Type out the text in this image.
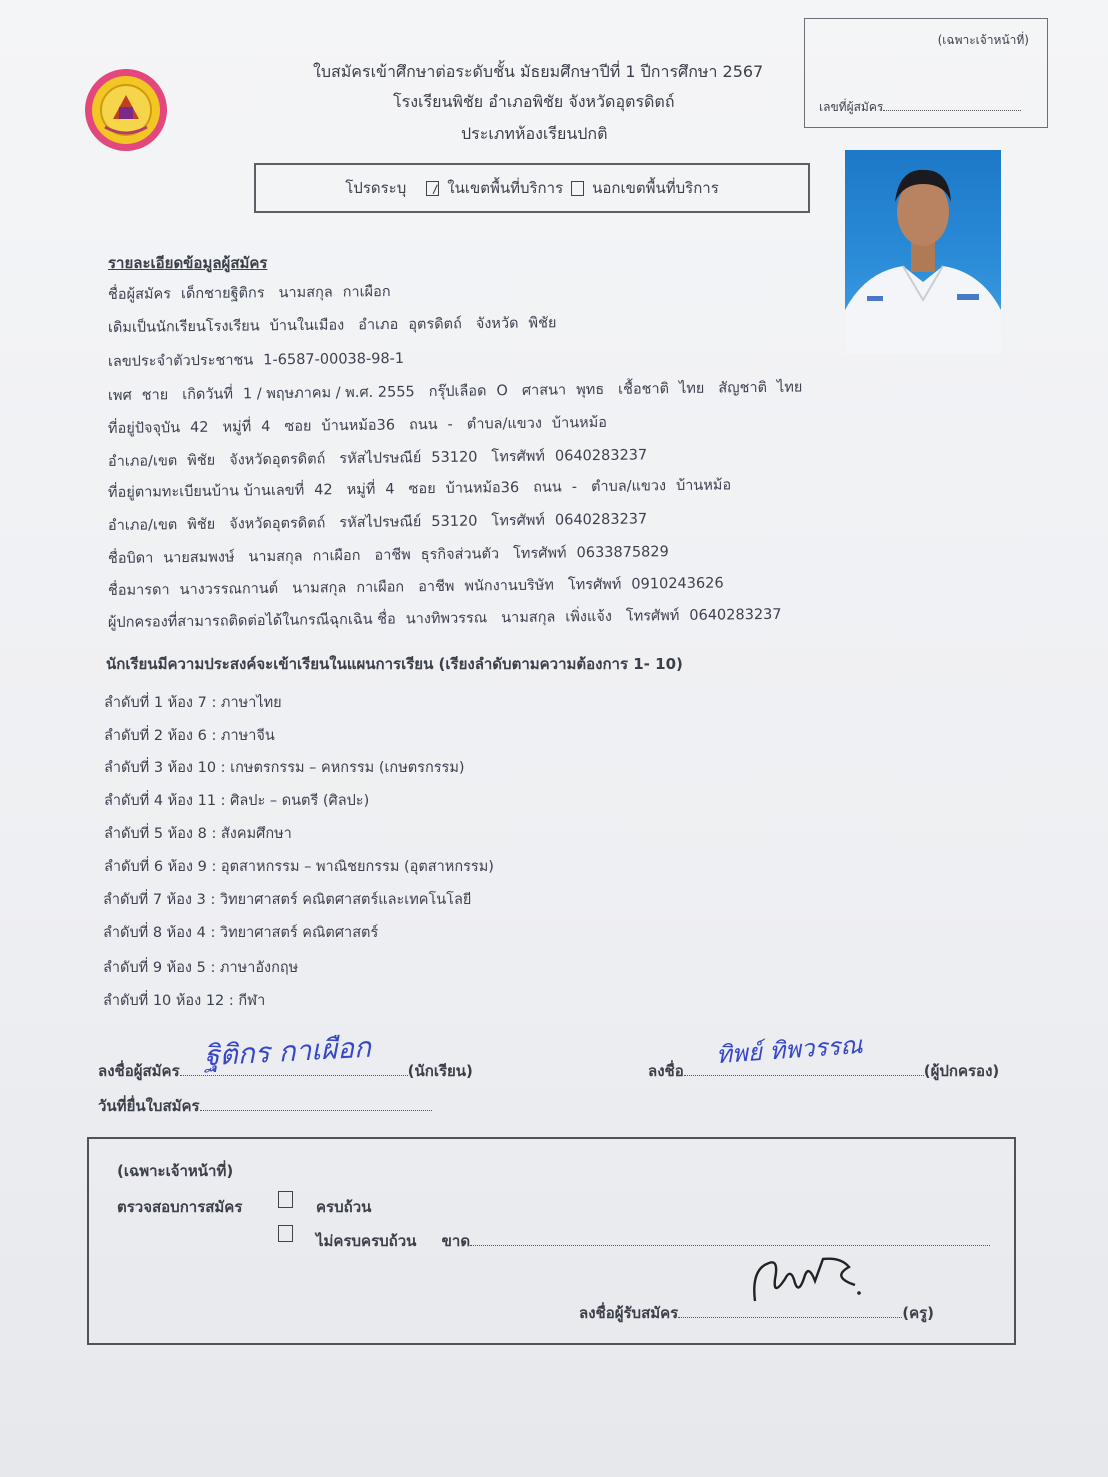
ใบสมัครเข้าศึกษาต่อระดับชั้น มัธยมศึกษาปีที่ 1 ปีการศึกษา 2567
โรงเรียนพิชัย อำเภอพิชัย จังหวัดอุตรดิตถ์
ประเภทห้องเรียนปกติ
(เฉพาะเจ้าหน้าที่)
เลขที่ผู้สมัคร
โปรดระบุ	ในเขตพื้นที่บริการ นอกเขตพื้นที่บริการ
รายละเอียดข้อมูลผู้สมัคร
ชื่อผู้สมัคร เด็กชายฐิติกร นามสกุล กาเผือก
เดิมเป็นนักเรียนโรงเรียน บ้านในเมือง อำเภอ อุตรดิตถ์ จังหวัด พิชัย
เลขประจำตัวประชาชน 1-6587-00038-98-1
เพศ ชาย เกิดวันที่ 1 / พฤษภาคม / พ.ศ. 2555 กรุ๊ปเลือด O ศาสนา พุทธ เชื้อชาติ ไทย สัญชาติ ไทย
ที่อยู่ปัจจุบัน 42 หมู่ที่ 4 ซอย บ้านหม้อ36 ถนน - ตำบล/แขวง บ้านหม้อ
อำเภอ/เขต พิชัย จังหวัดอุตรดิตถ์ รหัสไปรษณีย์ 53120 โทรศัพท์ 0640283237
ที่อยู่ตามทะเบียนบ้าน บ้านเลขที่ 42 หมู่ที่ 4 ซอย บ้านหม้อ36 ถนน - ตำบล/แขวง บ้านหม้อ
อำเภอ/เขต พิชัย จังหวัดอุตรดิตถ์ รหัสไปรษณีย์ 53120 โทรศัพท์ 0640283237
ชื่อบิดา นายสมพงษ์ นามสกุล กาเผือก อาชีพ ธุรกิจส่วนตัว โทรศัพท์ 0633875829
ชื่อมารดา นางวรรณกานต์ นามสกุล กาเผือก อาชีพ พนักงานบริษัท โทรศัพท์ 0910243626
ผู้ปกครองที่สามารถติดต่อได้ในกรณีฉุกเฉิน ชื่อ นางทิพวรรณ นามสกุล เพิ่งแจ้ง โทรศัพท์ 0640283237
นักเรียนมีความประสงค์จะเข้าเรียนในแผนการเรียน (เรียงลำดับตามความต้องการ 1- 10)
ลำดับที่ 1 ห้อง 7 : ภาษาไทย
ลำดับที่ 2 ห้อง 6 : ภาษาจีน
ลำดับที่ 3 ห้อง 10 : เกษตรกรรม – คหกรรม (เกษตรกรรม)
ลำดับที่ 4 ห้อง 11 : ศิลปะ – ดนตรี (ศิลปะ)
ลำดับที่ 5 ห้อง 8 : สังคมศึกษา
ลำดับที่ 6 ห้อง 9 : อุตสาหกรรม – พาณิชยกรรม (อุตสาหกรรม)
ลำดับที่ 7 ห้อง 3 : วิทยาศาสตร์ คณิตศาสตร์และเทคโนโลยี
ลำดับที่ 8 ห้อง 4 : วิทยาศาสตร์ คณิตศาสตร์
ลำดับที่ 9 ห้อง 5 : ภาษาอังกฤษ
ลำดับที่ 10 ห้อง 12 : กีฬา
ลงชื่อผู้สมัคร	(นักเรียน)
ฐิติกร กาเผือก	ลงชื่อ	(ผู้ปกครอง)
ทิพย์ ทิพวรรณ
วันที่ยื่นใบสมัคร
(เฉพาะเจ้าหน้าที่)
ตรวจสอบการสมัคร	ครบถ้วน
ไม่ครบครบถ้วน ขาด
ลงชื่อผู้รับสมัคร	(ครู)
